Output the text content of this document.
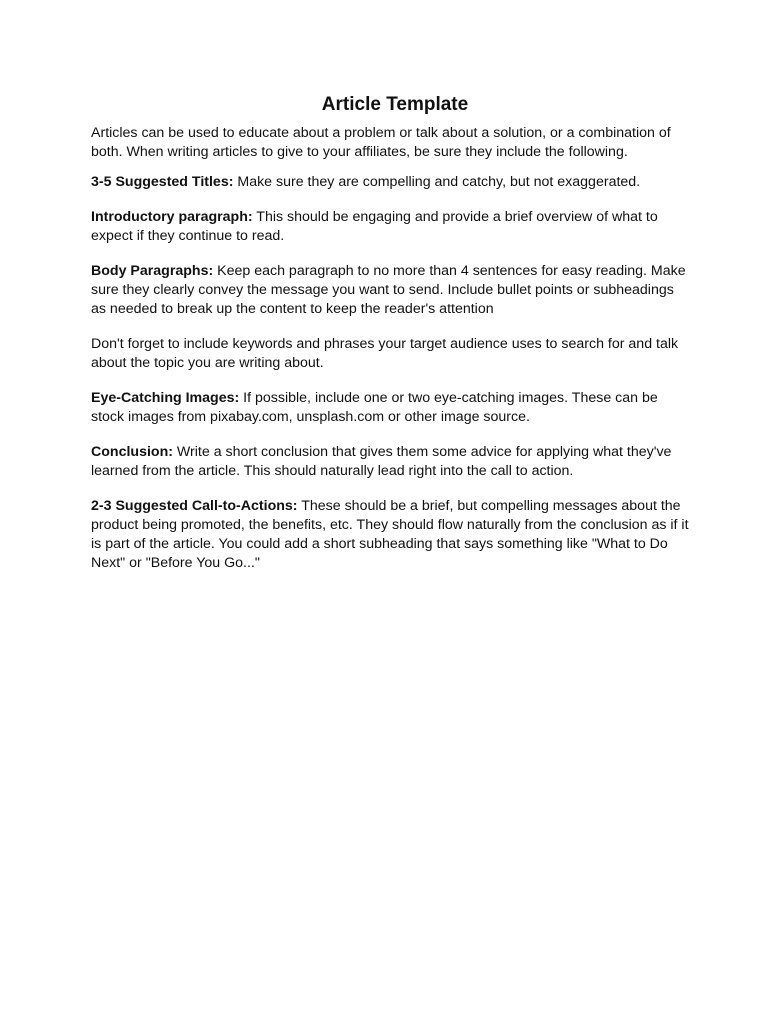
Article Template

Articles can be used to educate about a problem or talk about a solution, or a combination of both. When writing articles to give to your affiliates, be sure they include the following.

3-5 Suggested Titles: Make sure they are compelling and catchy, but not exaggerated.

Introductory paragraph: This should be engaging and provide a brief overview of what to expect if they continue to read.

Body Paragraphs: Keep each paragraph to no more than 4 sentences for easy reading. Make sure they clearly convey the message you want to send. Include bullet points or subheadings as needed to break up the content to keep the reader's attention

Don't forget to include keywords and phrases your target audience uses to search for and talk about the topic you are writing about.

Eye-Catching Images: If possible, include one or two eye-catching images. These can be stock images from pixabay.com, unsplash.com or other image source.

Conclusion: Write a short conclusion that gives them some advice for applying what they've learned from the article. This should naturally lead right into the call to action.

2-3 Suggested Call-to-Actions: These should be a brief, but compelling messages about the product being promoted, the benefits, etc. They should flow naturally from the conclusion as if it is part of the article. You could add a short subheading that says something like "What to Do Next" or "Before You Go..."
